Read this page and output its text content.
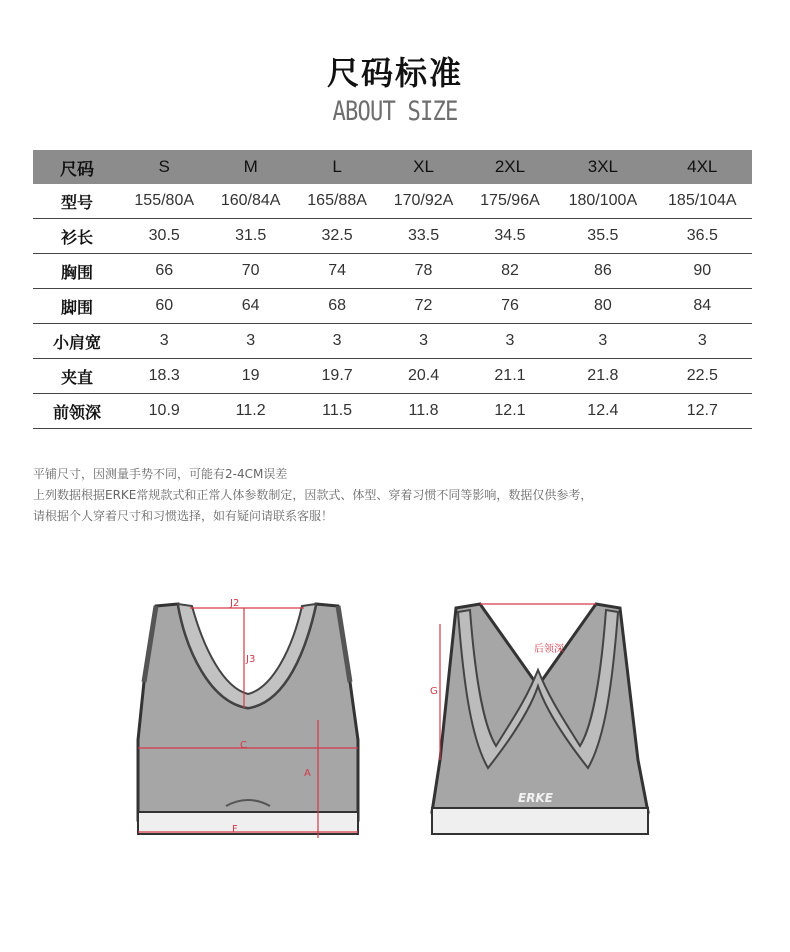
尺码标准
ABOUT SIZE
尺码	S	M	L	XL	2XL	3XL	4XL
型号	155/80A	160/84A	165/88A	170/92A	175/96A	180/100A	185/104A
衫长	30.5	31.5	32.5	33.5	34.5	35.5	36.5
胸围	66	70	74	78	82	86	90
脚围	60	64	68	72	76	80	84
小肩宽	3	3	3	3	3	3	3
夹直	18.3	19	19.7	20.4	21.1	21.8	22.5
前领深	10.9	11.2	11.5	11.8	12.1	12.4	12.7
平铺尺寸，因测量手势不同，可能有2-4CM误差
上列数据根据ERKE常规款式和正常人体参数制定，因款式、体型、穿着习惯不同等影响，数据仅供参考，
请根据个人穿着尺寸和习惯选择，如有疑问请联系客服！
J2
J3
C
A
F
G
后领深
ERKE
